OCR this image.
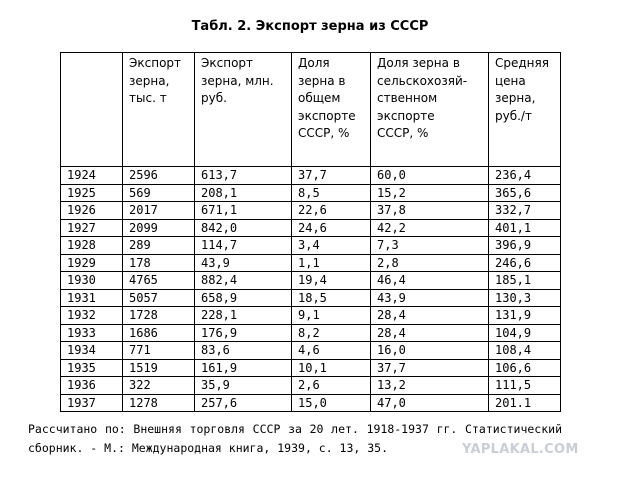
Табл. 2. Экспорт зерна из СССР
	Экспорт
зерна,
тыс. т	Экспорт
зерна, млн.
руб.	Доля
зерна в
общем
экспорте
СССР, %	Доля зерна в
сельскохозяй-
ственном
экспорте
СССР, %	Средняя
цена
зерна,
руб./т
1924	2596	613,7	37,7	60,0	236,4
1925	569	208,1	8,5	15,2	365,6
1926	2017	671,1	22,6	37,8	332,7
1927	2099	842,0	24,6	42,2	401,1
1928	289	114,7	3,4	7,3	396,9
1929	178	43,9	1,1	2,8	246,6
1930	4765	882,4	19,4	46,4	185,1
1931	5057	658,9	18,5	43,9	130,3
1932	1728	228,1	9,1	28,4	131,9
1933	1686	176,9	8,2	28,4	104,9
1934	771	83,6	4,6	16,0	108,4
1935	1519	161,9	10,1	37,7	106,6
1936	322	35,9	2,6	13,2	111,5
1937	1278	257,6	15,0	47,0	201.1
Рассчитано по: Внешняя торговля СССР за 20 лет. 1918-1937 гг. Статистический сборник. - М.: Международная книга, 1939, с. 13, 35.	YAPLAKAL.COM
